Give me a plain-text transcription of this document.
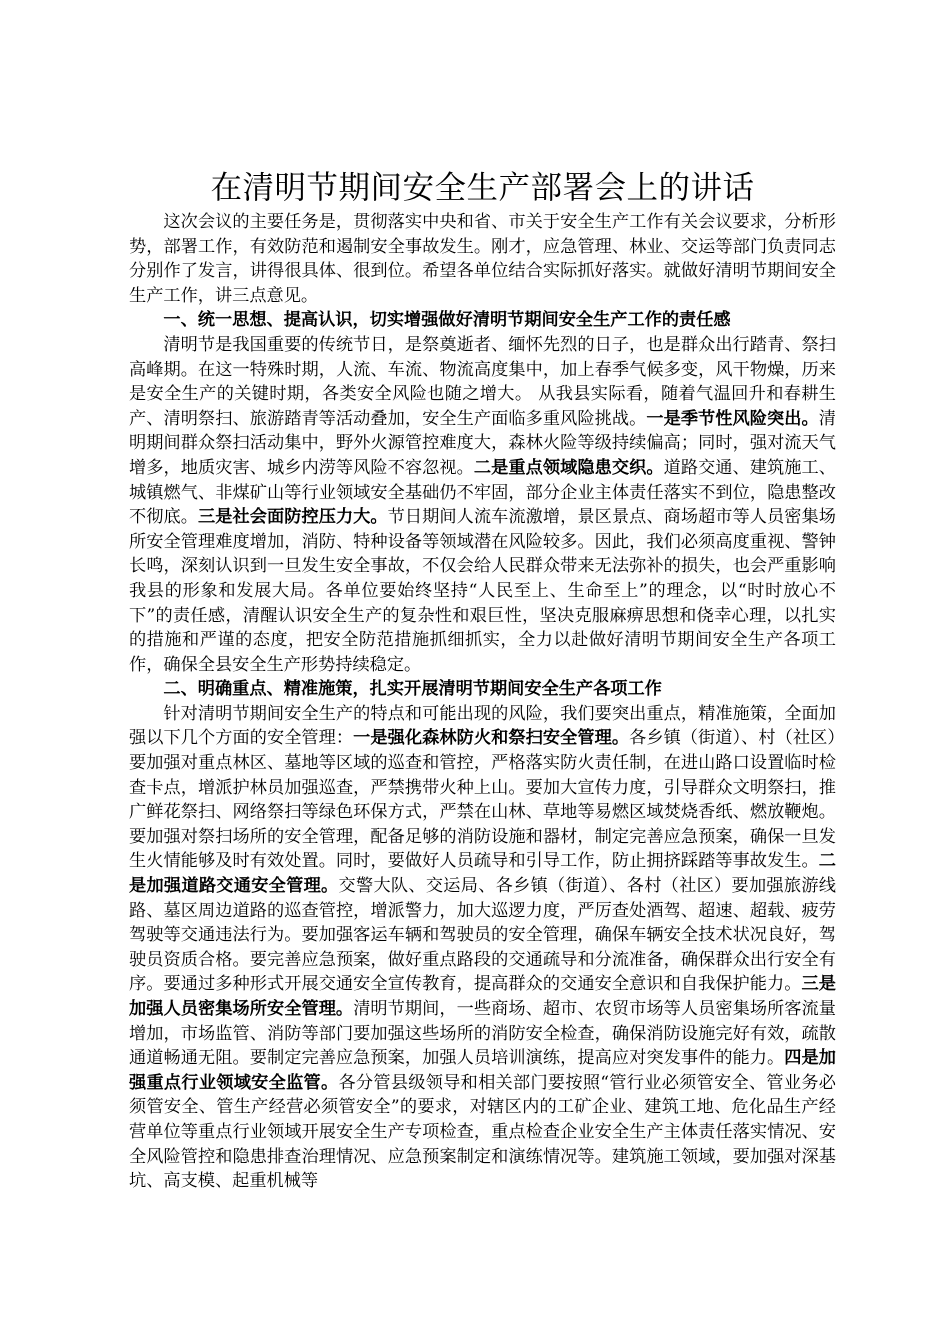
在清明节期间安全生产部署会上的讲话

这次会议的主要任务是，贯彻落实中央和省、市关于安全生产工作有关会议要求，分析形势，部署工作，有效防范和遏制安全事故发生。刚才，应急管理、林业、交运等部门负责同志分别作了发言，讲得很具体、很到位。希望各单位结合实际抓好落实。就做好清明节期间安全生产工作，讲三点意见。

一、统一思想、提高认识，切实增强做好清明节期间安全生产工作的责任感

清明节是我国重要的传统节日，是祭奠逝者、缅怀先烈的日子，也是群众出行踏青、祭扫高峰期。在这一特殊时期，人流、车流、物流高度集中，加上春季气候多变，风干物燥，历来是安全生产的关键时期，各类安全风险也随之增大。 从我县实际看，随着气温回升和春耕生产、清明祭扫、旅游踏青等活动叠加，安全生产面临多重风险挑战。一是季节性风险突出。清明期间群众祭扫活动集中，野外火源管控难度大，森林火险等级持续偏高；同时，强对流天气增多，地质灾害、城乡内涝等风险不容忽视。二是重点领域隐患交织。道路交通、建筑施工、城镇燃气、非煤矿山等行业领域安全基础仍不牢固，部分企业主体责任落实不到位，隐患整改不彻底。三是社会面防控压力大。节日期间人流车流激增，景区景点、商场超市等人员密集场所安全管理难度增加，消防、特种设备等领域潜在风险较多。因此，我们必须高度重视、警钟长鸣，深刻认识到一旦发生安全事故，不仅会给人民群众带来无法弥补的损失，也会严重影响我县的形象和发展大局。各单位要始终坚持“人民至上、生命至上”的理念，以“时时放心不下”的责任感，清醒认识安全生产的复杂性和艰巨性，坚决克服麻痹思想和侥幸心理，以扎实的措施和严谨的态度，把安全防范措施抓细抓实，全力以赴做好清明节期间安全生产各项工作，确保全县安全生产形势持续稳定。

二、明确重点、精准施策，扎实开展清明节期间安全生产各项工作

针对清明节期间安全生产的特点和可能出现的风险，我们要突出重点，精准施策，全面加强以下几个方面的安全管理：一是强化森林防火和祭扫安全管理。各乡镇（街道）、村（社区）要加强对重点林区、墓地等区域的巡查和管控，严格落实防火责任制，在进山路口设置临时检查卡点，增派护林员加强巡查，严禁携带火种上山。要加大宣传力度，引导群众文明祭扫，推广鲜花祭扫、网络祭扫等绿色环保方式，严禁在山林、草地等易燃区域焚烧香纸、燃放鞭炮。要加强对祭扫场所的安全管理，配备足够的消防设施和器材，制定完善应急预案，确保一旦发生火情能够及时有效处置。同时，要做好人员疏导和引导工作，防止拥挤踩踏等事故发生。二是加强道路交通安全管理。交警大队、交运局、各乡镇（街道）、各村（社区）要加强旅游线路、墓区周边道路的巡查管控，增派警力，加大巡逻力度，严厉查处酒驾、超速、超载、疲劳驾驶等交通违法行为。要加强客运车辆和驾驶员的安全管理，确保车辆安全技术状况良好，驾驶员资质合格。要完善应急预案，做好重点路段的交通疏导和分流准备，确保群众出行安全有序。要通过多种形式开展交通安全宣传教育，提高群众的交通安全意识和自我保护能力。三是加强人员密集场所安全管理。清明节期间，一些商场、超市、农贸市场等人员密集场所客流量增加，市场监管、消防等部门要加强这些场所的消防安全检查，确保消防设施完好有效，疏散通道畅通无阻。要制定完善应急预案，加强人员培训演练，提高应对突发事件的能力。四是加强重点行业领域安全监管。各分管县级领导和相关部门要按照“管行业必须管安全、管业务必须管安全、管生产经营必须管安全”的要求，对辖区内的工矿企业、建筑工地、危化品生产经营单位等重点行业领域开展安全生产专项检查，重点检查企业安全生产主体责任落实情况、安全风险管控和隐患排查治理情况、应急预案制定和演练情况等。建筑施工领域，要加强对深基坑、高支模、起重机械等
